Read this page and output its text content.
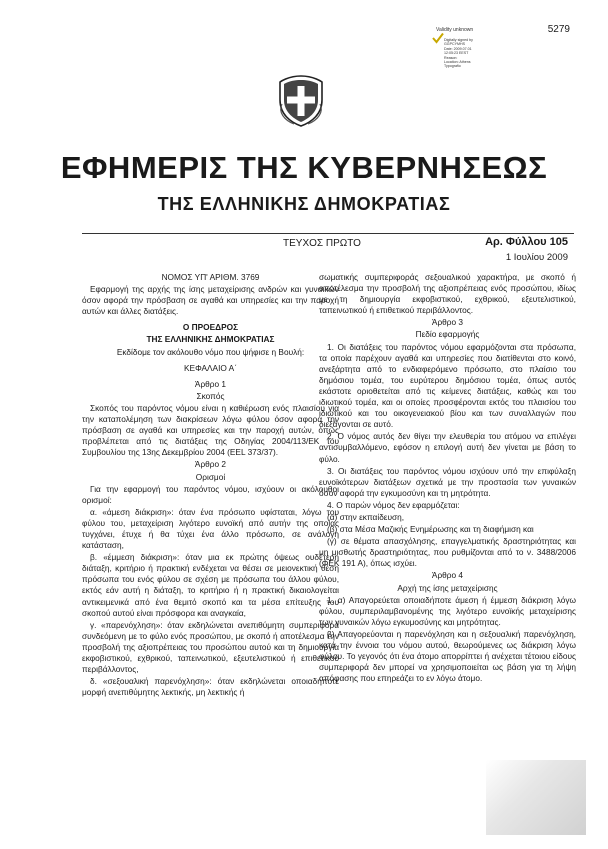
5279
Validity unknown
Digitally signed by
GGPCYMHS
Date: 2009.07.01
12:05:23 EEST
Reason:
Location: Athens
Typografio
ΕΦΗΜΕΡΙΣ ΤΗΣ ΚΥΒΕΡΝΗΣΕΩΣ
ΤΗΣ ΕΛΛΗΝΙΚΗΣ ΔΗΜΟΚΡΑΤΙΑΣ
ΤΕΥΧΟΣ ΠΡΩΤΟ	Αρ. Φύλλου 105
1 Ιουλίου 2009

ΝΟΜΟΣ ΥΠ' ΑΡΙΘΜ. 3769

Εφαρμογή της αρχής της ίσης μεταχείρισης ανδρών και γυναικών όσον αφορά την πρόσβαση σε αγαθά και υπηρεσίες και την παροχή αυτών και άλλες διατάξεις.

Ο ΠΡΟΕΔΡΟΣ

ΤΗΣ ΕΛΛΗΝΙΚΗΣ ΔΗΜΟΚΡΑΤΙΑΣ

Εκδίδομε τον ακόλουθο νόμο που ψήφισε η Βουλή:

ΚΕΦΑΛΑΙΟ Α΄

Άρθρο 1

Σκοπός

Σκοπός του παρόντος νόμου είναι η καθιέρωση ενός πλαισίου για την καταπολέμηση των διακρίσεων λόγω φύλου όσον αφορά την πρόσβαση σε αγαθά και υπηρεσίες και την παροχή αυτών, όπως προβλέπεται από τις διατάξεις της Οδηγίας 2004/113/ΕΚ του Συμβουλίου της 13ης Δεκεμβρίου 2004 (ΕΕL 373/37).

Άρθρο 2

Ορισμοί

Για την εφαρμογή του παρόντος νόμου, ισχύουν οι ακόλουθοι ορισμοί:

α. «άμεση διάκριση»: όταν ένα πρόσωπο υφίσταται, λόγω του φύλου του, μεταχείριση λιγότερο ευνοϊκή από αυτήν της οποίας τυγχάνει, έτυχε ή θα τύχει ένα άλλο πρόσωπο, σε ανάλογη κατάσταση,

β. «έμμεση διάκριση»: όταν μια εκ πρώτης όψεως ουδέτερη διάταξη, κριτήριο ή πρακτική ενδέχεται να θέσει σε μειονεκτική θέση πρόσωπα του ενός φύλου σε σχέση με πρόσωπα του άλλου φύλου, εκτός εάν αυτή η διάταξη, το κριτήριο ή η πρακτική δικαιολογείται αντικειμενικά από ένα θεμιτό σκοπό και τα μέσα επίτευξης του σκοπού αυτού είναι πρόσφορα και αναγκαία,

γ. «παρενόχληση»: όταν εκδηλώνεται ανεπιθύμητη συμπεριφορά συνδεόμενη με το φύλο ενός προσώπου, με σκοπό ή αποτέλεσμα την προσβολή της αξιοπρέπειας του προσώπου αυτού και τη δημιουργία εκφοβιστικού, εχθρικού, ταπεινωτικού, εξευτελιστικού ή επιθετικού περιβάλλοντος,

δ. «σεξουαλική παρενόχληση»: όταν εκδηλώνεται οποιαδήποτε μορφή ανεπιθύμητης λεκτικής, μη λεκτικής ή

σωματικής συμπεριφοράς σεξουαλικού χαρακτήρα, με σκοπό ή αποτέλεσμα την προσβολή της αξιοπρέπειας ενός προσώπου, ιδίως με τη δημιουργία εκφοβιστικού, εχθρικού, εξευτελιστικού, ταπεινωτικού ή επιθετικού περιβάλλοντος.

Άρθρο 3

Πεδίο εφαρμογής

1. Οι διατάξεις του παρόντος νόμου εφαρμόζονται στα πρόσωπα, τα οποία παρέχουν αγαθά και υπηρεσίες που διατίθενται στο κοινό, ανεξάρτητα από το ενδιαφερόμενο πρόσωπο, στο πλαίσιο του δημόσιου τομέα, του ευρύτερου δημόσιου τομέα, όπως αυτός εκάστοτε οριοθετείται από τις κείμενες διατάξεις, καθώς και του ιδιωτικού τομέα, και οι οποίες προσφέρονται εκτός του πλαισίου του ιδιωτικού και του οικογενειακού βίου και των συναλλαγών που διεξάγονται σε αυτό.

2. Ο νόμος αυτός δεν θίγει την ελευθερία του ατόμου να επιλέγει αντισυμβαλλόμενο, εφόσον η επιλογή αυτή δεν γίνεται με βάση το φύλο.

3. Οι διατάξεις του παρόντος νόμου ισχύουν υπό την επιφύλαξη ευνοϊκότερων διατάξεων σχετικά με την προστασία των γυναικών όσον αφορά την εγκυμοσύνη και τη μητρότητα.

4. Ο παρών νόμος δεν εφαρμόζεται:

(α) στην εκπαίδευση,

(β) στα Μέσα Μαζικής Ενημέρωσης και τη διαφήμιση και

(γ) σε θέματα απασχόλησης, επαγγελματικής δραστηριότητας και μη μισθωτής δραστηριότητας, που ρυθμίζονται από το ν. 3488/2006 (ΦΕΚ 191 Α), όπως ισχύει.

Άρθρο 4

Αρχή της ίσης μεταχείρισης

1. α) Απαγορεύεται οποιαδήποτε άμεση ή έμμεση διάκριση λόγω φύλου, συμπεριλαμβανομένης της λιγότερο ευνοϊκής μεταχείρισης των γυναικών λόγω εγκυμοσύνης και μητρότητας.

β) Απαγορεύονται η παρενόχληση και η σεξουαλική παρενόχληση, κατά την έννοια του νόμου αυτού, θεωρούμενες ως διάκριση λόγω φύλου. Το γεγονός ότι ένα άτομο απορρίπτει ή ανέχεται τέτοιου είδους συμπεριφορά δεν μπορεί να χρησιμοποιείται ως βάση για τη λήψη απόφασης που επηρεάζει το εν λόγω άτομο.
